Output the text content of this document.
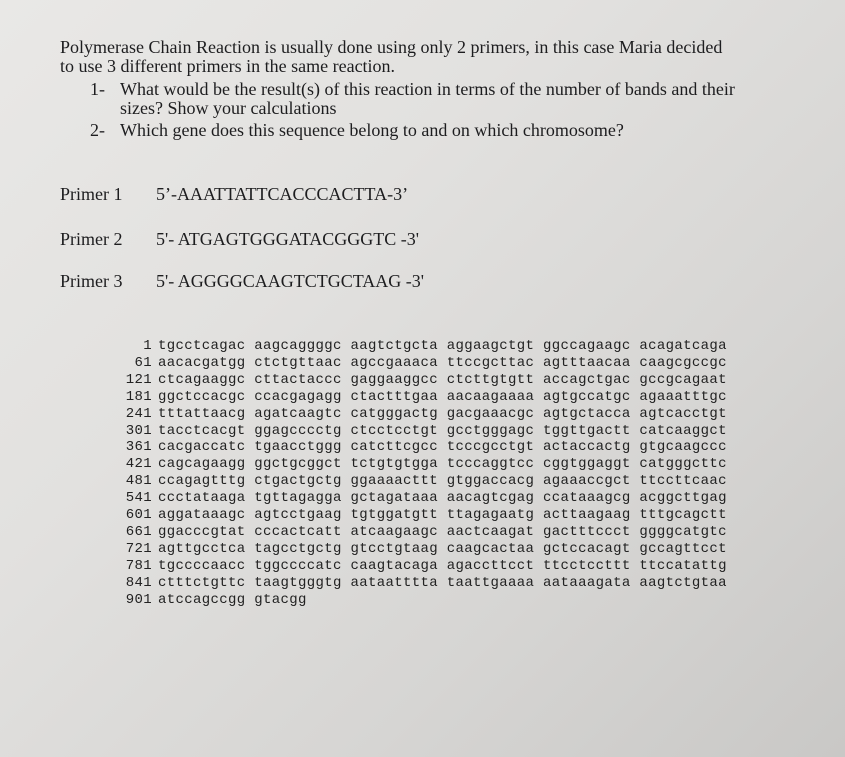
Polymerase Chain Reaction is usually done using only 2 primers, in this case Maria decided

to use 3 different primers in the same reaction.

1- What would be the result(s) of this reaction in terms of the number of bands and their
sizes? Show your calculations
2- Which gene does this sequence belong to and on which chromosome?
Primer 1 5’-AAATTATTCACCCACTTA-3’
Primer 2 5'- ATGAGTGGGATACGGGTC -3'
Primer 3 5'- AGGGGCAAGTCTGCTAAG -3'
1 tgcctcagac aagcaggggc aagtctgcta aggaagctgt ggccagaagc acagatcaga
61 aacacgatgg ctctgttaac agccgaaaca ttccgcttac agtttaacaa caagcgccgc
121 ctcagaaggc cttactaccc gaggaaggcc ctcttgtgtt accagctgac gccgcagaat
181 ggctccacgc ccacgagagg ctactttgaa aacaagaaaa agtgccatgc agaaatttgc
241 tttattaacg agatcaagtc catgggactg gacgaaacgc agtgctacca agtcacctgt
301 tacctcacgt ggagcccctg ctcctcctgt gcctgggagc tggttgactt catcaaggct
361 cacgaccatc tgaacctggg catcttcgcc tcccgcctgt actaccactg gtgcaagccc
421 cagcagaagg ggctgcggct tctgtgtgga tcccaggtcc cggtggaggt catgggcttc
481 ccagagtttg ctgactgctg ggaaaacttt gtggaccacg agaaaccgct ttccttcaac
541 ccctataaga tgttagagga gctagataaa aacagtcgag ccataaagcg acggcttgag
601 aggataaagc agtcctgaag tgtggatgtt ttagagaatg acttaagaag tttgcagctt
661 ggacccgtat cccactcatt atcaagaagc aactcaagat gactttccct ggggcatgtc
721 agttgcctca tagcctgctg gtcctgtaag caagcactaa gctccacagt gccagttcct
781 tgccccaacc tggccccatc caagtacaga agaccttcct ttcctccttt ttccatattg
841 ctttctgttc taagtgggtg aataatttta taattgaaaa aataaagata aagtctgtaa
901 atccagccgg gtacgg
